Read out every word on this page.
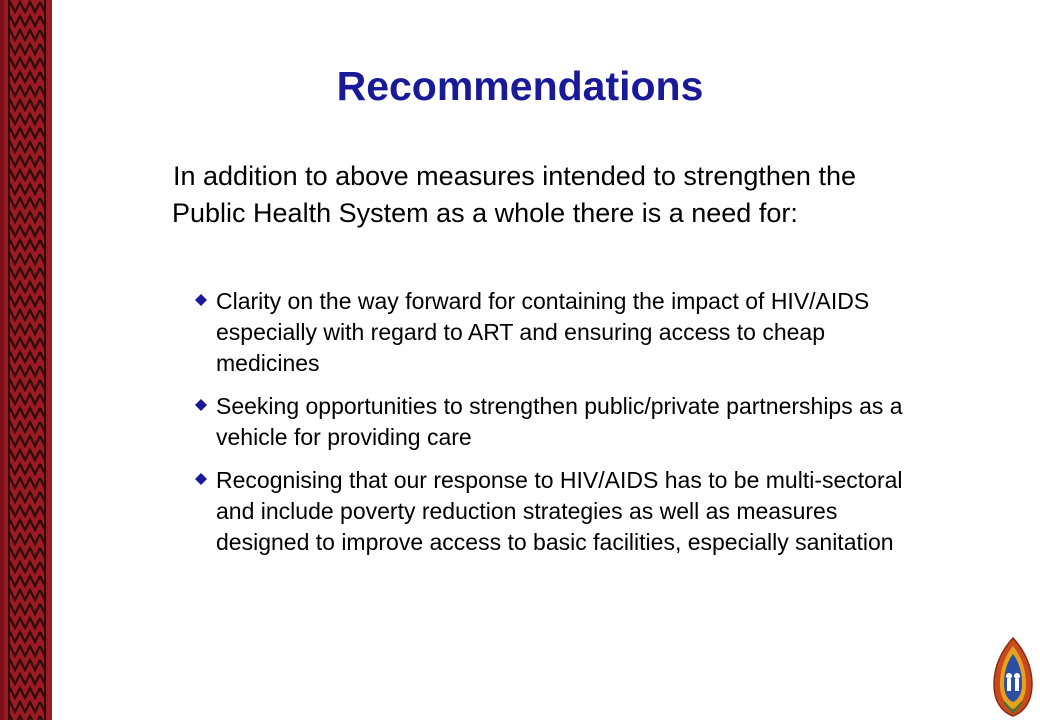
Recommendations
In addition to above measures intended to strengthen the Public Health System as a whole there is a need for:
Clarity on the way forward for containing the impact of HIV/AIDS especially with regard to ART and ensuring access to cheap medicines
Seeking opportunities to strengthen public/private partnerships as a vehicle for providing care
Recognising that our response to HIV/AIDS has to be multi-sectoral and include poverty reduction strategies as well as measures designed to improve access to basic facilities, especially sanitation
